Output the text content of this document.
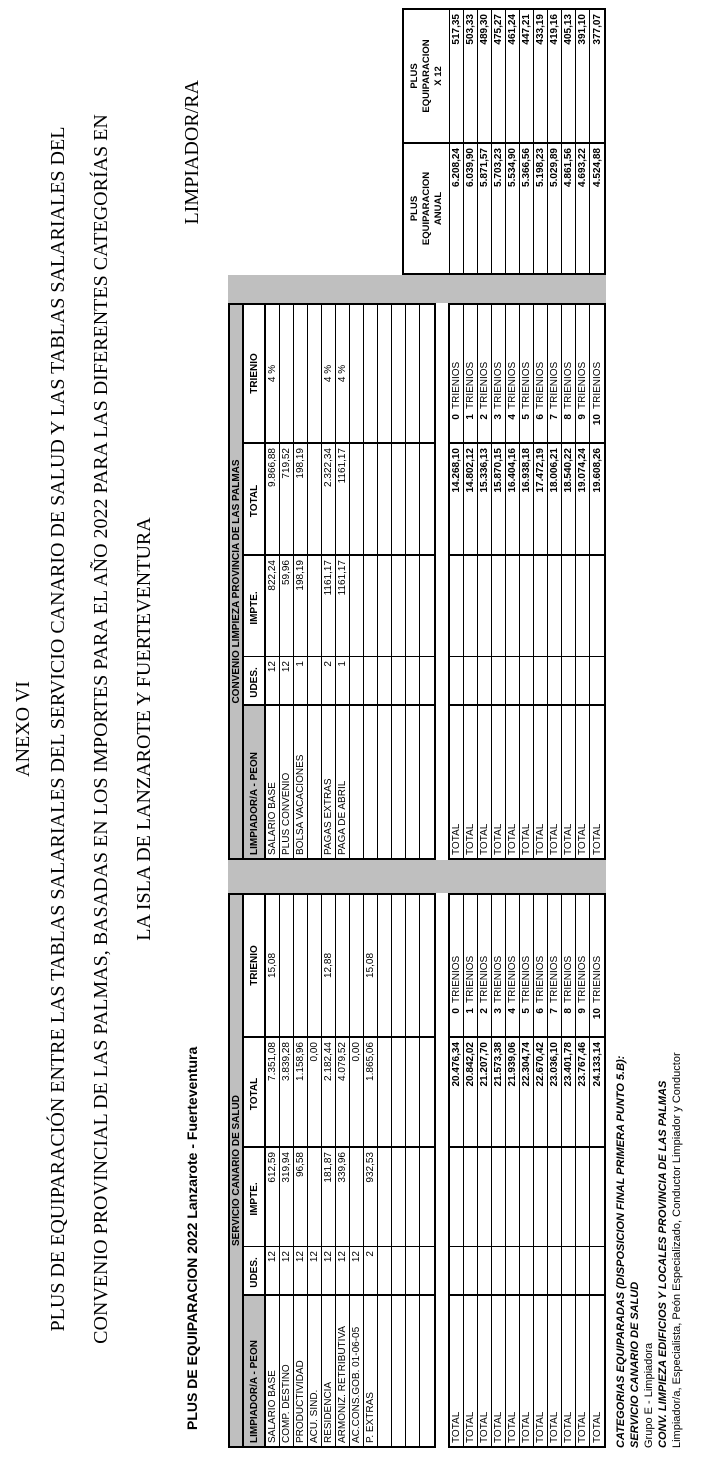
ANEXO VI PLUS DE EQUIPARACIÓN ENTRE LAS TABLAS SALARIALES DEL SERVICIO CANARIO DE SALUD Y LAS TABLAS SALARIALES DEL CONVENIO PROVINCIAL DE LAS PALMAS, BASADAS EN LOS IMPORTES PARA EL AÑO 2022 PARA LAS DIFERENTES CATEGORÍAS EN LA ISLA DE LANZAROTE Y FUERTEVENTURA
PLUS DE EQUIPARACION 2022 Lanzarote - Fuerteventura
LIMPIADOR/RA
SERVICIO CANARIO DE SALUD
LIMPIADOR/A - PEON
UDES.
IMPTE.
TOTAL
TRIENIO
SALARIO BASE
12
612,59
7.351,08
15,08
COMP. DESTINO
12
319,94
3.839,28
PRODUCTIVIDAD
12
96,58
1.158,96
ACU. SIND.
12
0,00
RESIDENCIA
12
181,87
2.182,44
12,88
ARMONIZ. RETRIBUTIVA
12
339,96
4.079,52
AC.CONS.GOB. 01-06-05
12
0,00
P. EXTRAS
2
932,53
1.865,06
15,08
TOTAL
20.476,34
0
TRIENIOS
TOTAL
20.842,02
1
TRIENIOS
TOTAL
21.207,70
2
TRIENIOS
TOTAL
21.573,38
3
TRIENIOS
TOTAL
21.939,06
4
TRIENIOS
TOTAL
22.304,74
5
TRIENIOS
TOTAL
22.670,42
6
TRIENIOS
TOTAL
23.036,10
7
TRIENIOS
TOTAL
23.401,78
8
TRIENIOS
TOTAL
23.767,46
9
TRIENIOS
TOTAL
24.133,14
10
TRIENIOS
CONVENIO LIMPIEZA PROVINCIA DE LAS PALMAS
LIMPIADOR/A - PEON
UDES.
IMPTE.
TOTAL
TRIENIO
SALARIO BASE
12
822,24
9.866,88
4 %
PLUS CONVENIO
12
59,96
719,52
BOLSA VACACIONES
1
198,19
198,19
PAGAS EXTRAS
2
1161,17
2.322,34
4 %
PAGA DE ABRIL
1
1161,17
1161,17
4 %
TOTAL
14.268,10
0
TRIENIOS
TOTAL
14.802,12
1
TRIENIOS
TOTAL
15.336,13
2
TRIENIOS
TOTAL
15.870,15
3
TRIENIOS
TOTAL
16.404,16
4
TRIENIOS
TOTAL
16.938,18
5
TRIENIOS
TOTAL
17.472,19
6
TRIENIOS
TOTAL
18.006,21
7
TRIENIOS
TOTAL
18.540,22
8
TRIENIOS
TOTAL
19.074,24
9
TRIENIOS
TOTAL
19.608,26
10
TRIENIOS
PLUS EQUIPARACION ANUAL
6.208,24 6.039,90 5.871,57 5.703,23 5.534,90 5.366,56 5.198,23 5.029,89 4.861,56 4.693,22 4.524,88
PLUS EQUIPARACION X 12
517,35 503,33 489,30 475,27 461,24 447,21 433,19 419,16 405,13 391,10 377,07
CATEGORIAS EQUIPARADAS (DISPOSICION FINAL PRIMERA PUNTO 5.B): SERVICIO CANARIO DE SALUD Grupo E - Limpiadora CONV. LIMPIEZA EDIFICIOS Y LOCALES PROVINCIA DE LAS PALMAS Limpiador/a, Especialista, Peón Especializado, Conductor Limpiador y Conductor
